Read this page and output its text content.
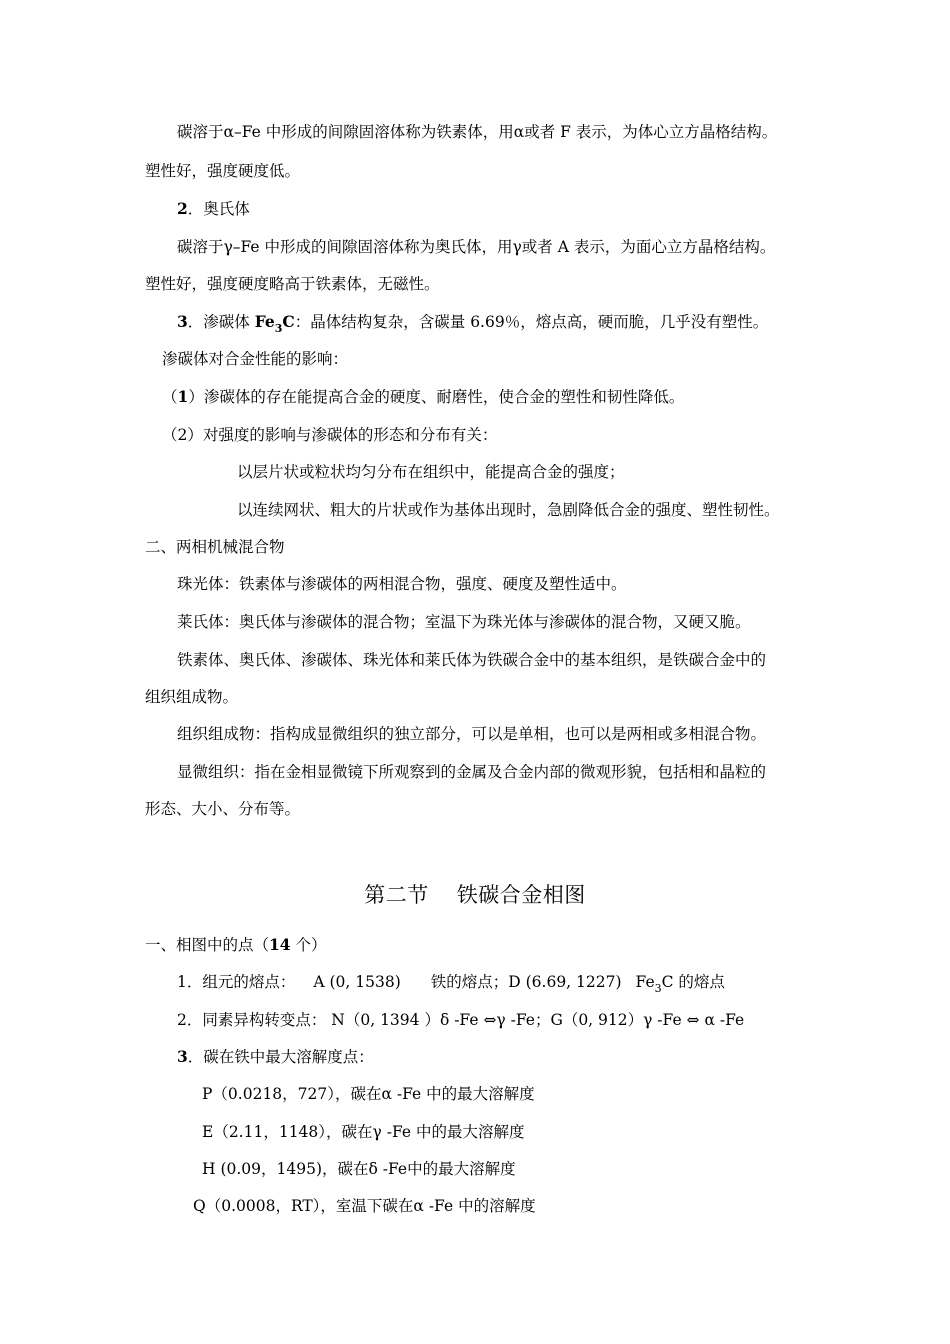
碳溶于α–Fe 中形成的间隙固溶体称为铁素体，用α或者 F 表示，为体心立方晶格结构。
塑性好，强度硬度低。
2．奥氏体
碳溶于γ–Fe 中形成的间隙固溶体称为奥氏体，用γ或者 A 表示，为面心立方晶格结构。
塑性好，强度硬度略高于铁素体，无磁性。
3．渗碳体 $Fe_3C$：晶体结构复杂，含碳量 6.69％，熔点高，硬而脆，几乎没有塑性。
渗碳体对合金性能的影响：
（1）渗碳体的存在能提高合金的硬度、耐磨性，使合金的塑性和韧性降低。
（2）对强度的影响与渗碳体的形态和分布有关：
以层片状或粒状均匀分布在组织中，能提高合金的强度；
以连续网状、粗大的片状或作为基体出现时，急剧降低合金的强度、塑性韧性。
二、两相机械混合物
珠光体：铁素体与渗碳体的两相混合物，强度、硬度及塑性适中。
莱氏体：奥氏体与渗碳体的混合物；室温下为珠光体与渗碳体的混合物，又硬又脆。
铁素体、奥氏体、渗碳体、珠光体和莱氏体为铁碳合金中的基本组织，是铁碳合金中的
组织组成物。
组织组成物：指构成显微组织的独立部分，可以是单相，也可以是两相或多相混合物。
显微组织：指在金相显微镜下所观察到的金属及合金内部的微观形貌，包括相和晶粒的
形态、大小、分布等。
第二节 铁碳合金相图
一、相图中的点（14 个）
1．组元的熔点： A (0, 1538) 铁的熔点；D (6.69, 1227) $Fe_3C$ 的熔点
2．同素异构转变点： N（0, 1394 ）δ -Fe ⇔γ -Fe；G（0, 912）γ -Fe ⇔ α -Fe
3．碳在铁中最大溶解度点：
P（0.0218，727），碳在α -Fe 中的最大溶解度
E（2.11，1148），碳在γ -Fe 中的最大溶解度
H (0.09，1495)，碳在δ -Fe中的最大溶解度
Q（0.0008，RT），室温下碳在α -Fe 中的溶解度
